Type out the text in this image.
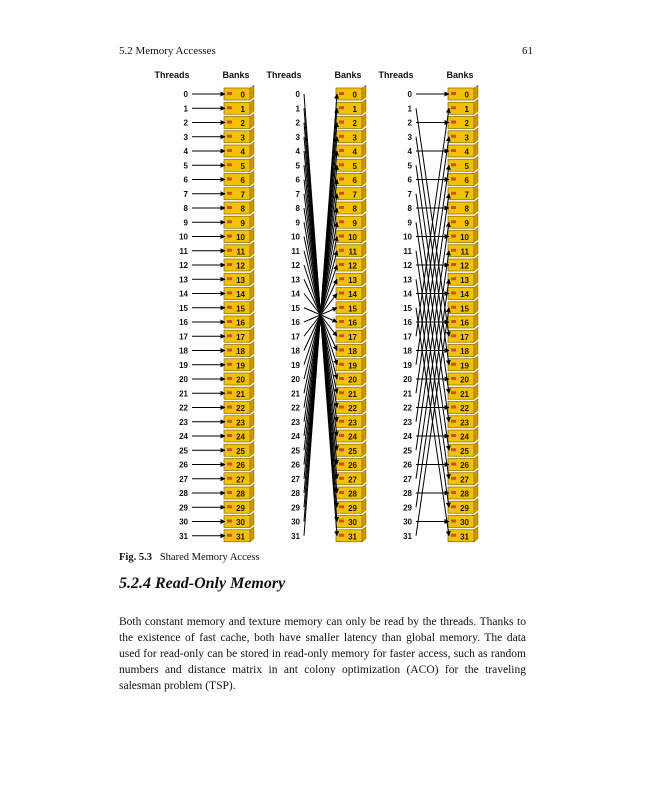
5.2 Memory Accesses	61
Threads	Banks
0
1
2
3
4
5
6
7
8
9
10
11
12
13
14
15
16
17
18
19
20
21
22
23
24
25
26
27
28
29
30
31
0
1
2
3
4
5
6
7
8
9
10
11
12
13
14
15
16
17
18
19
20
21
22
23
24
25
26
27
28
29
30
31
Threads	Banks
0
1
2
3
4
5
6
7
8
9
10
11
12
13
14
15
16
17
18
19
20
21
22
23
24
25
26
27
28
29
30
31
0
1
2
3
4
5
6
7
8
9
10
11
12
13
14
15
16
17
18
19
20
21
22
23
24
25
26
27
28
29
30
31
Threads	Banks
0
1
2
3
4
5
6
7
8
9
10
11
12
13
14
15
16
17
18
19
20
21
22
23
24
25
26
27
28
29
30
31
0
1
2
3
4
5
6
7
8
9
10
11
12
13
14
15
16
17
18
19
20
21
22
23
24
25
26
27
28
29
30
31
Fig. 5.3 Shared Memory Access
5.2.4 Read-Only Memory

Both constant memory and texture memory can only be read by the threads. Thanks to the existence of fast cache, both have smaller latency than global memory. The data used for read-only can be stored in read-only memory for faster access, such as random numbers and distance matrix in ant colony optimization (ACO) for the traveling salesman problem (TSP).
